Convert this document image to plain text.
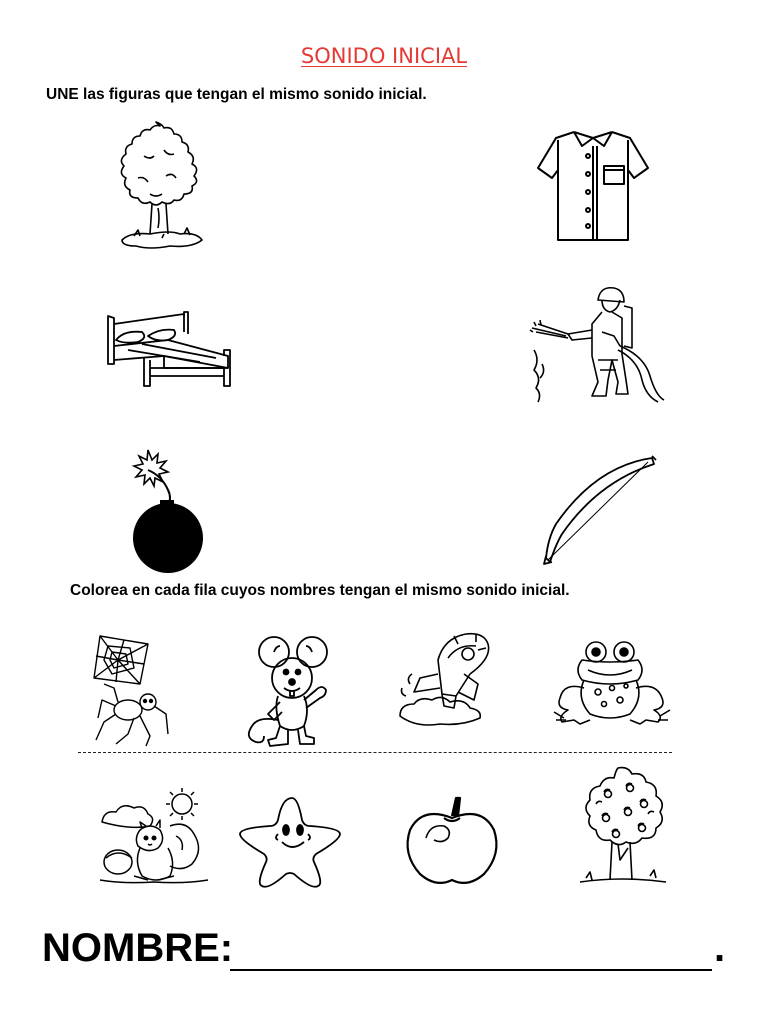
SONIDO INICIAL
UNE las figuras que tengan el mismo sonido inicial.
Colorea en cada fila cuyos nombres tengan el mismo sonido inicial.
NOMBRE:	.
